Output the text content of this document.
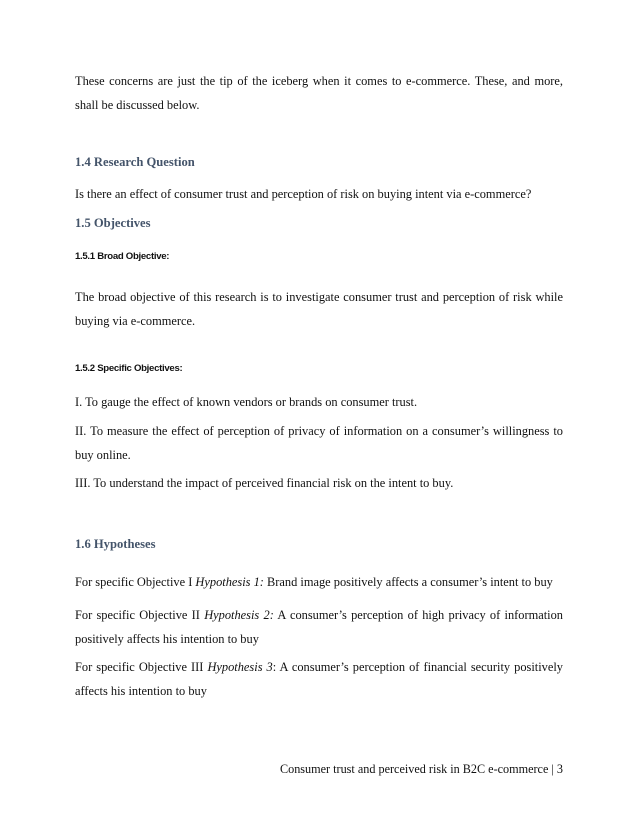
These concerns are just the tip of the iceberg when it comes to e-commerce. These, and more, shall be discussed below.

1.4 Research Question

Is there an effect of consumer trust and perception of risk on buying intent via e-commerce?

1.5 Objectives
1.5.1 Broad Objective:

The broad objective of this research is to investigate consumer trust and perception of risk while buying via e-commerce.

1.5.2 Specific Objectives:

I. To gauge the effect of known vendors or brands on consumer trust.

II. To measure the effect of perception of privacy of information on a consumer’s willingness to buy online.

III. To understand the impact of perceived financial risk on the intent to buy.

1.6 Hypotheses

For specific Objective I Hypothesis 1: Brand image positively affects a consumer’s intent to buy

For specific Objective II Hypothesis 2: A consumer’s perception of high privacy of information positively affects his intention to buy

For specific Objective III Hypothesis 3: A consumer’s perception of financial security positively affects his intention to buy

Consumer trust and perceived risk in B2C e-commerce | 3
